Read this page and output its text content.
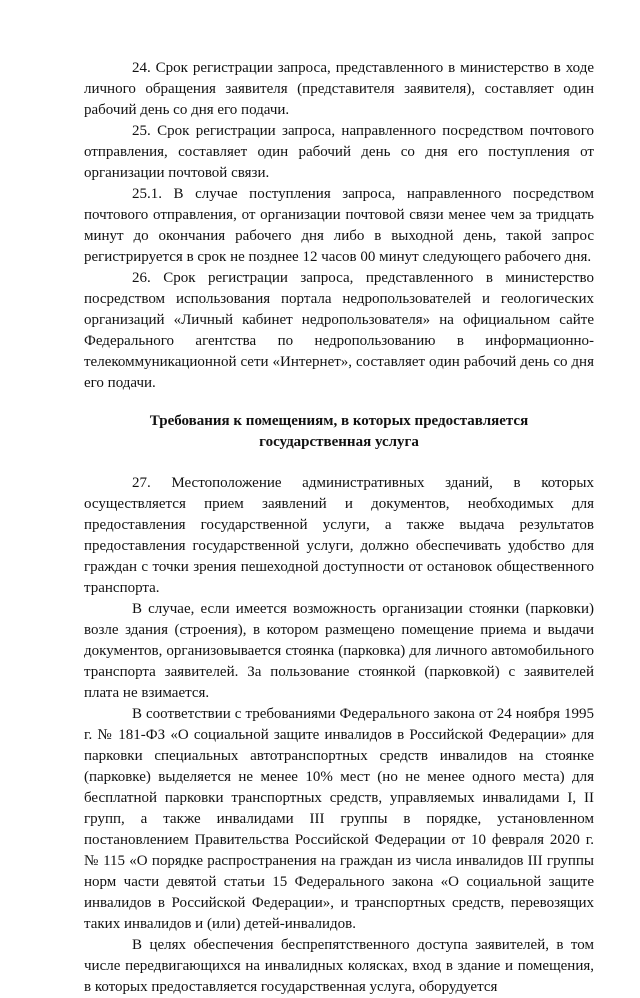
24. Срок регистрации запроса, представленного в министерство в ходе личного обращения заявителя (представителя заявителя), составляет один рабочий день со дня его подачи.

25. Срок регистрации запроса, направленного посредством почтового отправления, составляет один рабочий день со дня его поступления от организации почтовой связи.

25.1. В случае поступления запроса, направленного посредством почтового отправления, от организации почтовой связи менее чем за тридцать минут до окончания рабочего дня либо в выходной день, такой запрос регистрируется в срок не позднее 12 часов 00 минут следующего рабочего дня.

26. Срок регистрации запроса, представленного в министерство посредством использования портала недропользователей и геологических организаций «Личный кабинет недропользователя» на официальном сайте Федерального агентства по недропользованию в информационно-телекоммуникационной сети «Интернет», составляет один рабочий день со дня его подачи.

Требования к помещениям, в которых предоставляется государственная услуга

27. Местоположение административных зданий, в которых осуществляется прием заявлений и документов, необходимых для предоставления государственной услуги, а также выдача результатов предоставления государственной услуги, должно обеспечивать удобство для граждан с точки зрения пешеходной доступности от остановок общественного транспорта.

В случае, если имеется возможность организации стоянки (парковки) возле здания (строения), в котором размещено помещение приема и выдачи документов, организовывается стоянка (парковка) для личного автомобильного транспорта заявителей. За пользование стоянкой (парковкой) с заявителей плата не взимается.

В соответствии с требованиями Федерального закона от 24 ноября 1995 г. № 181-ФЗ «О социальной защите инвалидов в Российской Федерации» для парковки специальных автотранспортных средств инвалидов на стоянке (парковке) выделяется не менее 10% мест (но не менее одного места) для бесплатной парковки транспортных средств, управляемых инвалидами I, II групп, а также инвалидами III группы в порядке, установленном постановлением Правительства Российской Федерации от 10 февраля 2020 г. № 115 «О порядке распространения на граждан из числа инвалидов III группы норм части девятой статьи 15 Федерального закона «О социальной защите инвалидов в Российской Федерации», и транспортных средств, перевозящих таких инвалидов и (или) детей-инвалидов.

В целях обеспечения беспрепятственного доступа заявителей, в том числе передвигающихся на инвалидных колясках, вход в здание и помещения, в которых предоставляется государственная услуга, оборудуется
